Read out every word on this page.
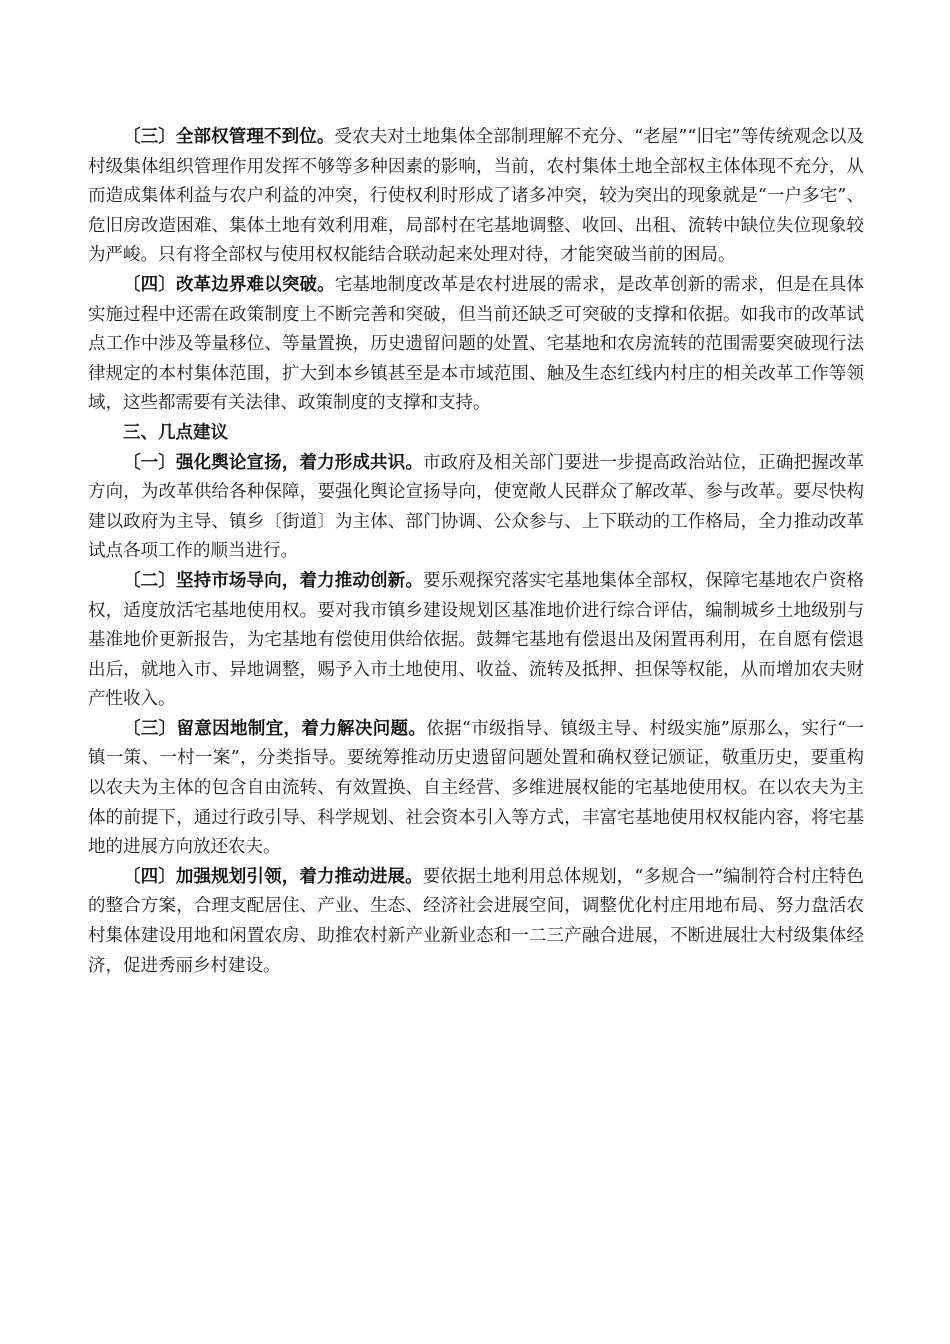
〔三〕全部权管理不到位。受农夫对土地集体全部制理解不充分、“老屋”“旧宅”等传统观念以及村级集体组织管理作用发挥不够等多种因素的影响，当前，农村集体土地全部权主体体现不充分，从而造成集体利益与农户利益的冲突，行使权利时形成了诸多冲突，较为突出的现象就是“一户多宅”、危旧房改造困难、集体土地有效利用难，局部村在宅基地调整、收回、出租、流转中缺位失位现象较为严峻。只有将全部权与使用权权能结合联动起来处理对待，才能突破当前的困局。

〔四〕改革边界难以突破。宅基地制度改革是农村进展的需求，是改革创新的需求，但是在具体实施过程中还需在政策制度上不断完善和突破，但当前还缺乏可突破的支撑和依据。如我市的改革试点工作中涉及等量移位、等量置换，历史遗留问题的处置、宅基地和农房流转的范围需要突破现行法律规定的本村集体范围，扩大到本乡镇甚至是本市域范围、触及生态红线内村庄的相关改革工作等领域，这些都需要有关法律、政策制度的支撑和支持。

三、几点建议

〔一〕强化舆论宣扬，着力形成共识。市政府及相关部门要进一步提高政治站位，正确把握改革方向，为改革供给各种保障，要强化舆论宣扬导向，使宽敞人民群众了解改革、参与改革。要尽快构建以政府为主导、镇乡〔街道〕为主体、部门协调、公众参与、上下联动的工作格局，全力推动改革试点各项工作的顺当进行。

〔二〕坚持市场导向，着力推动创新。要乐观探究落实宅基地集体全部权，保障宅基地农户资格权，适度放活宅基地使用权。要对我市镇乡建设规划区基准地价进行综合评估，编制城乡土地级别与基准地价更新报告，为宅基地有偿使用供给依据。鼓舞宅基地有偿退出及闲置再利用，在自愿有偿退出后，就地入市、异地调整，赐予入市土地使用、收益、流转及抵押、担保等权能，从而增加农夫财产性收入。

〔三〕留意因地制宜，着力解决问题。依据“市级指导、镇级主导、村级实施”原那么，实行“一镇一策、一村一案”，分类指导。要统筹推动历史遗留问题处置和确权登记颁证，敬重历史，要重构以农夫为主体的包含自由流转、有效置换、自主经营、多维进展权能的宅基地使用权。在以农夫为主体的前提下，通过行政引导、科学规划、社会资本引入等方式，丰富宅基地使用权权能内容，将宅基地的进展方向放还农夫。

〔四〕加强规划引领，着力推动进展。要依据土地利用总体规划，“多规合一”编制符合村庄特色的整合方案，合理支配居住、产业、生态、经济社会进展空间，调整优化村庄用地布局、努力盘活农村集体建设用地和闲置农房、助推农村新产业新业态和一二三产融合进展，不断进展壮大村级集体经济，促进秀丽乡村建设。
